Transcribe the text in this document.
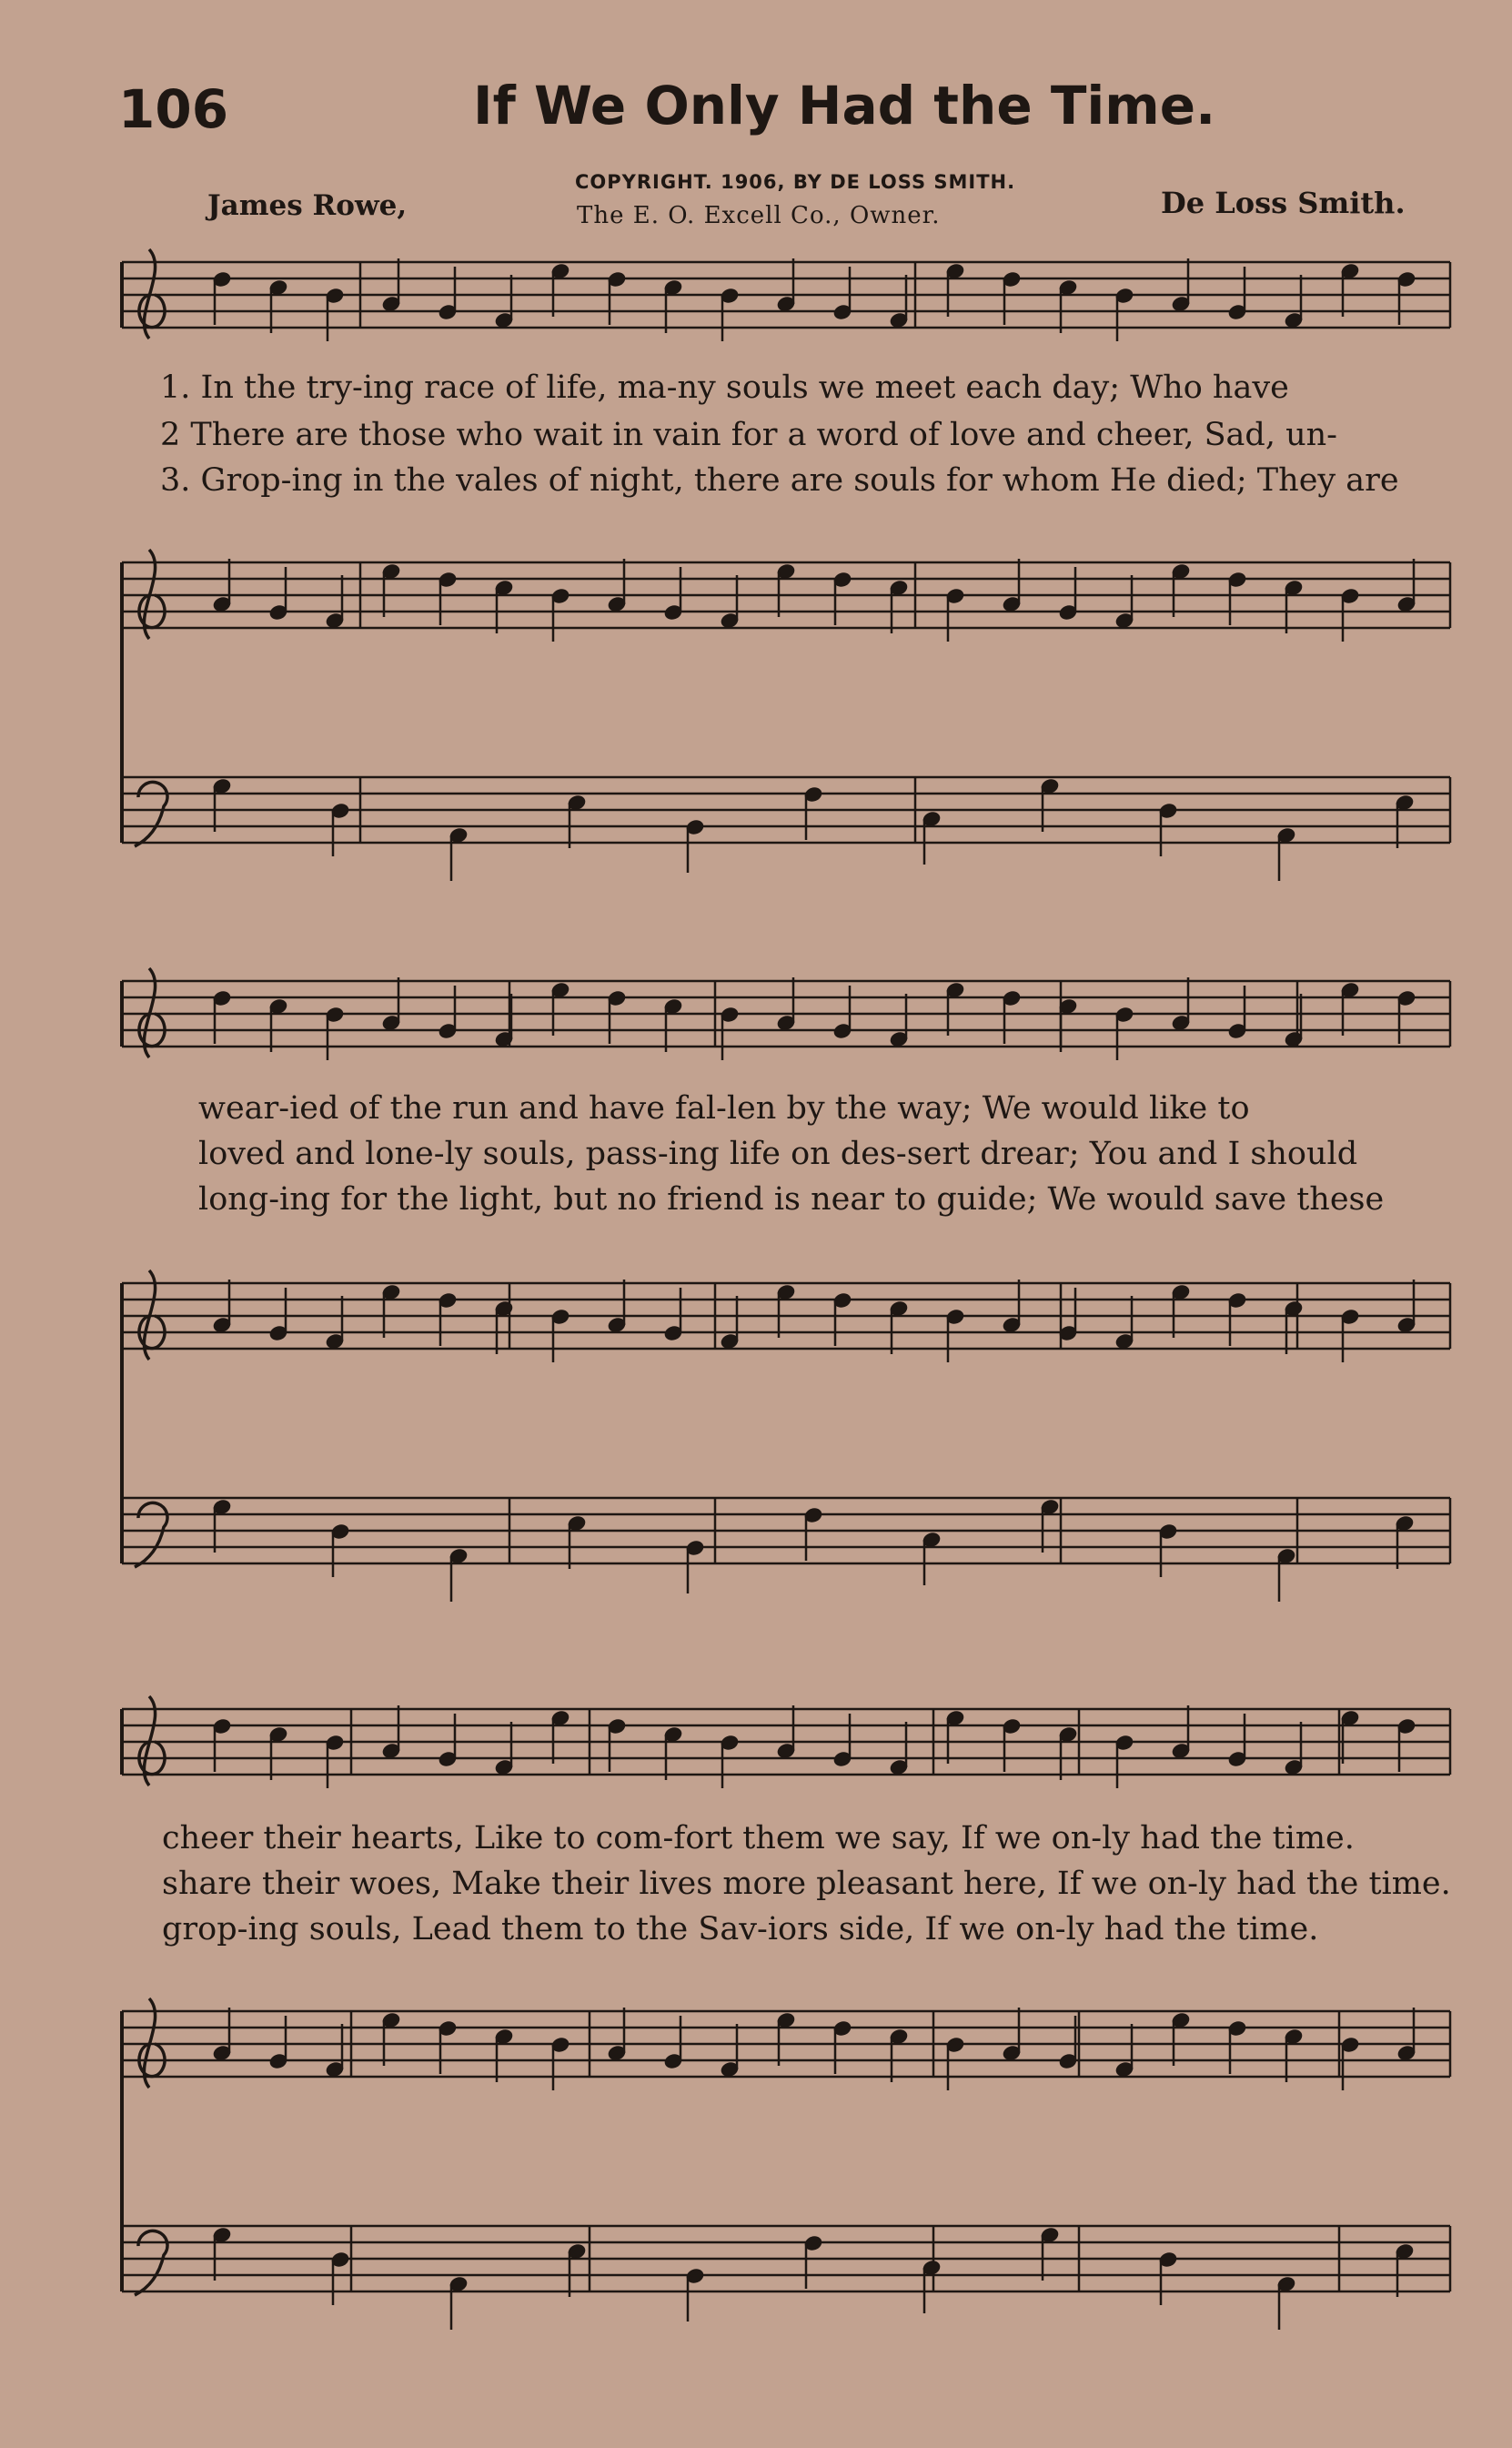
106	If We Only Had the Time.
James Rowe,
COPYRIGHT. 1906, BY DE LOSS SMITH.
The E. O. Excell Co., Owner.	De Loss Smith.
1. In the try-ing race of life, ma-ny souls we meet each day; Who have
2 There are those who wait in vain for a word of love and cheer, Sad, un-
3. Grop-ing in the vales of night, there are souls for whom He died; They are
wear-ied of the run and have fal-len by the way; We would like to
loved and lone-ly souls, pass-ing life on des-sert drear; You and I should
long-ing for the light, but no friend is near to guide; We would save these
cheer their hearts, Like to com-fort them we say, If we on-ly had the time.
share their woes, Make their lives more pleasant here, If we on-ly had the time.
grop-ing souls, Lead them to the Sav-iors side, If we on-ly had the time.
